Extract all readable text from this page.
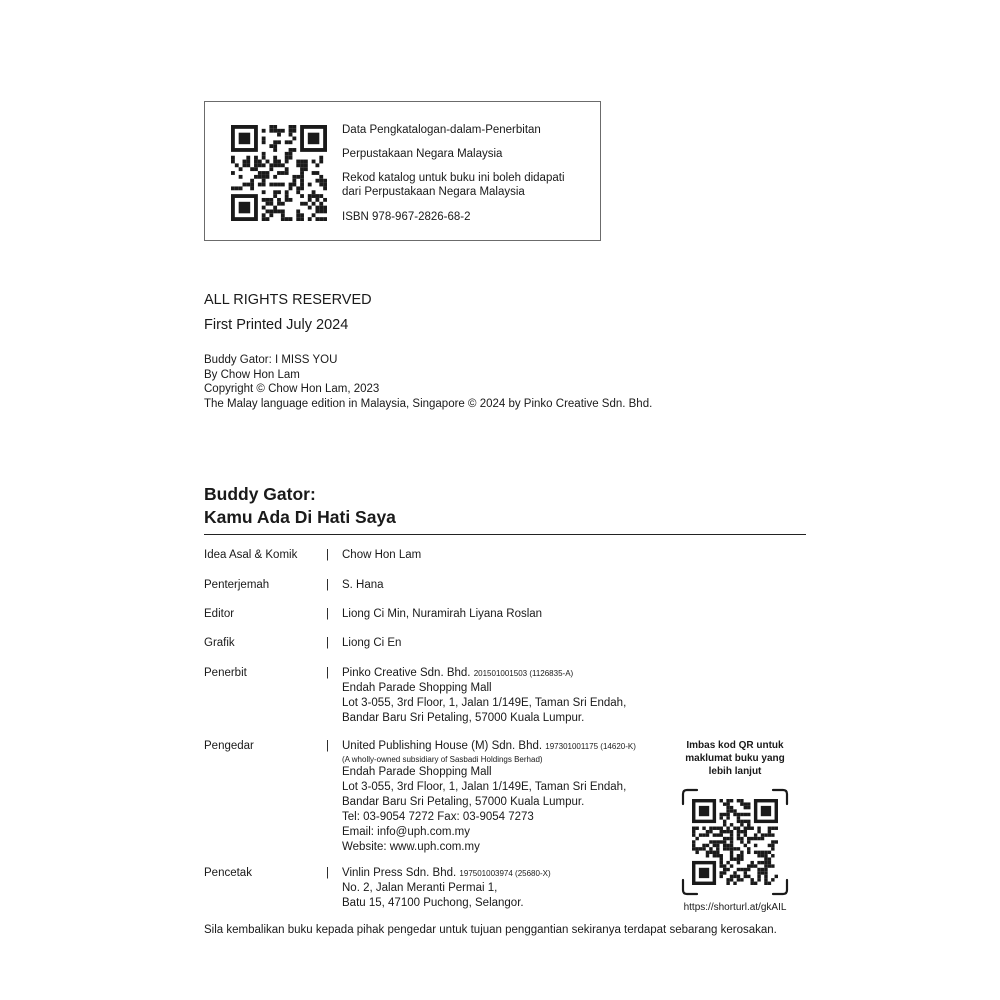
Data Pengkatalogan-dalam-Penerbitan
Perpustakaan Negara Malaysia
Rekod katalog untuk buku ini boleh didapati
dari Perpustakaan Negara Malaysia
ISBN 978-967-2826-68-2
ALL RIGHTS RESERVED
First Printed July 2024
Buddy Gator: I MISS YOU
By Chow Hon Lam
Copyright © Chow Hon Lam, 2023
The Malay language edition in Malaysia, Singapore © 2024 by Pinko Creative Sdn. Bhd.
Buddy Gator:
Kamu Ada Di Hati Saya
Idea Asal & Komik | Chow Hon Lam
Penterjemah	| S. Hana
Editor	| Liong Ci Min, Nuramirah Liyana Roslan
Grafik	| Liong Ci En
Penerbit	| Pinko Creative Sdn. Bhd. 201501001503 (1126835-A)
Endah Parade Shopping Mall
Lot 3-055, 3rd Floor, 1, Jalan 1/149E, Taman Sri Endah,
Bandar Baru Sri Petaling, 57000 Kuala Lumpur.
Pengedar	| United Publishing House (M) Sdn. Bhd. 197301001175 (14620-K)
(A wholly-owned subsidiary of Sasbadi Holdings Berhad)
Endah Parade Shopping Mall
Lot 3-055, 3rd Floor, 1, Jalan 1/149E, Taman Sri Endah,
Bandar Baru Sri Petaling, 57000 Kuala Lumpur.
Tel: 03-9054 7272 Fax: 03-9054 7273
Email: info@uph.com.my
Website: www.uph.com.my
Pencetak	| Vinlin Press Sdn. Bhd. 197501003974 (25680-X)
No. 2, Jalan Meranti Permai 1,
Batu 15, 47100 Puchong, Selangor.
Imbas kod QR untuk
maklumat buku yang
lebih lanjut
https://shorturl.at/gkAIL
Sila kembalikan buku kepada pihak pengedar untuk tujuan penggantian sekiranya terdapat sebarang kerosakan.
